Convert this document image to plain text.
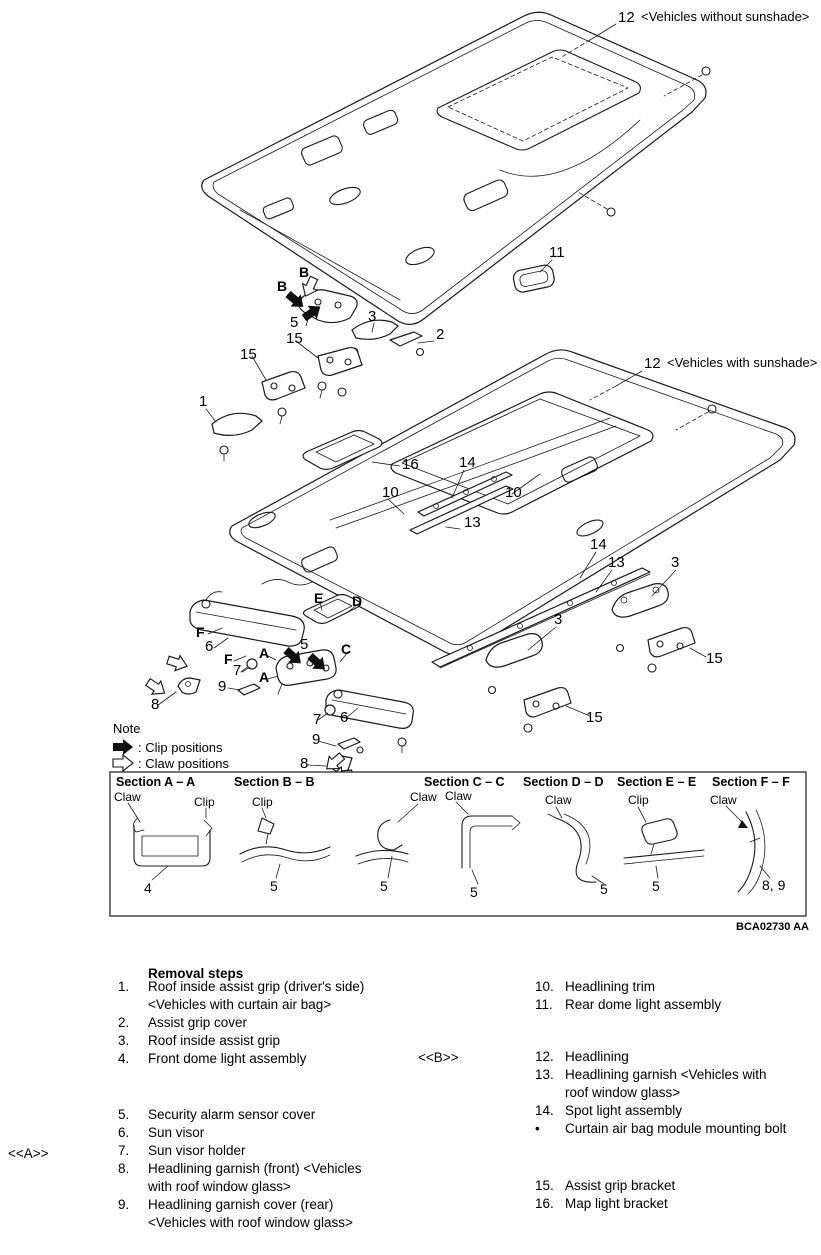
12 <Vehicles without sunshade>
11
B
B
5	3
2
15
15
1
12 <Vehicles with sunshade>
16	14
10
13
10
14
13	3
3
15
15
E D
F
6
F
7
A 5 C
A
9
8
7 6
9
8
Note
: Clip positions
: Claw positions
Section A – A
Claw	Clip
4
Section B – B
Clip	Claw
5	5
Section C – C
Claw
5
Section D – D
Claw
5
Section E – E
Clip
5
Section F – F
Claw
8, 9
BCA02730 AA
Removal steps
1.	Roof inside assist grip (driver's side)
<Vehicles with curtain air bag>
2.	Assist grip cover
3.	Roof inside assist grip
4.	Front dome light assembly
5.	Security alarm sensor cover
6.	Sun visor
7.	Sun visor holder
8.	Headlining garnish (front) <Vehicles
with roof window glass>
9.	Headlining garnish cover (rear)
<Vehicles with roof window glass>
10. Headlining trim
11. Rear dome light assembly
12. Headlining
13. Headlining garnish <Vehicles with
roof window glass>
14. Spot light assembly
•	Curtain air bag module mounting bolt
15. Assist grip bracket
16. Map light bracket
<<B>>
<<A>>
